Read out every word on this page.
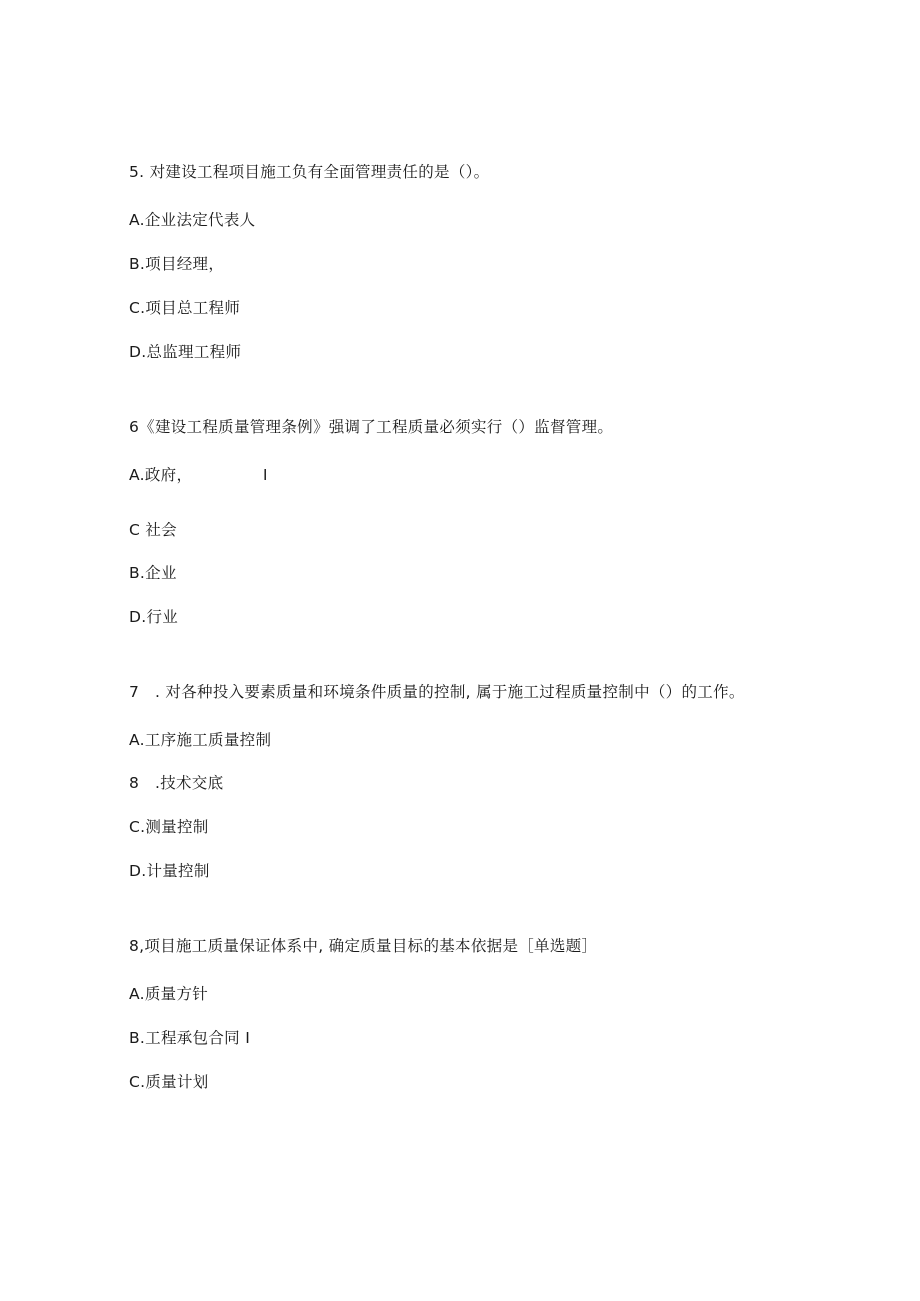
5. 对建设工程项目施工负有全面管理责任的是（）。
A.企业法定代表人
B.项目经理，
C.项目总工程师
D.总监理工程师
6《建设工程质量管理条例》强调了工程质量必须实行（）监督管理。
A.政府，	I
C 社会
B.企业
D.行业
7　. 对各种投入要素质量和环境条件质量的控制, 属于施工过程质量控制中（）的工作。
A.工序施工质量控制
8　.技术交底
C.测量控制
D.计量控制
8,项目施工质量保证体系中, 确定质量目标的基本依据是［单选题］
A.质量方针
B.工程承包合同 I
C.质量计划
